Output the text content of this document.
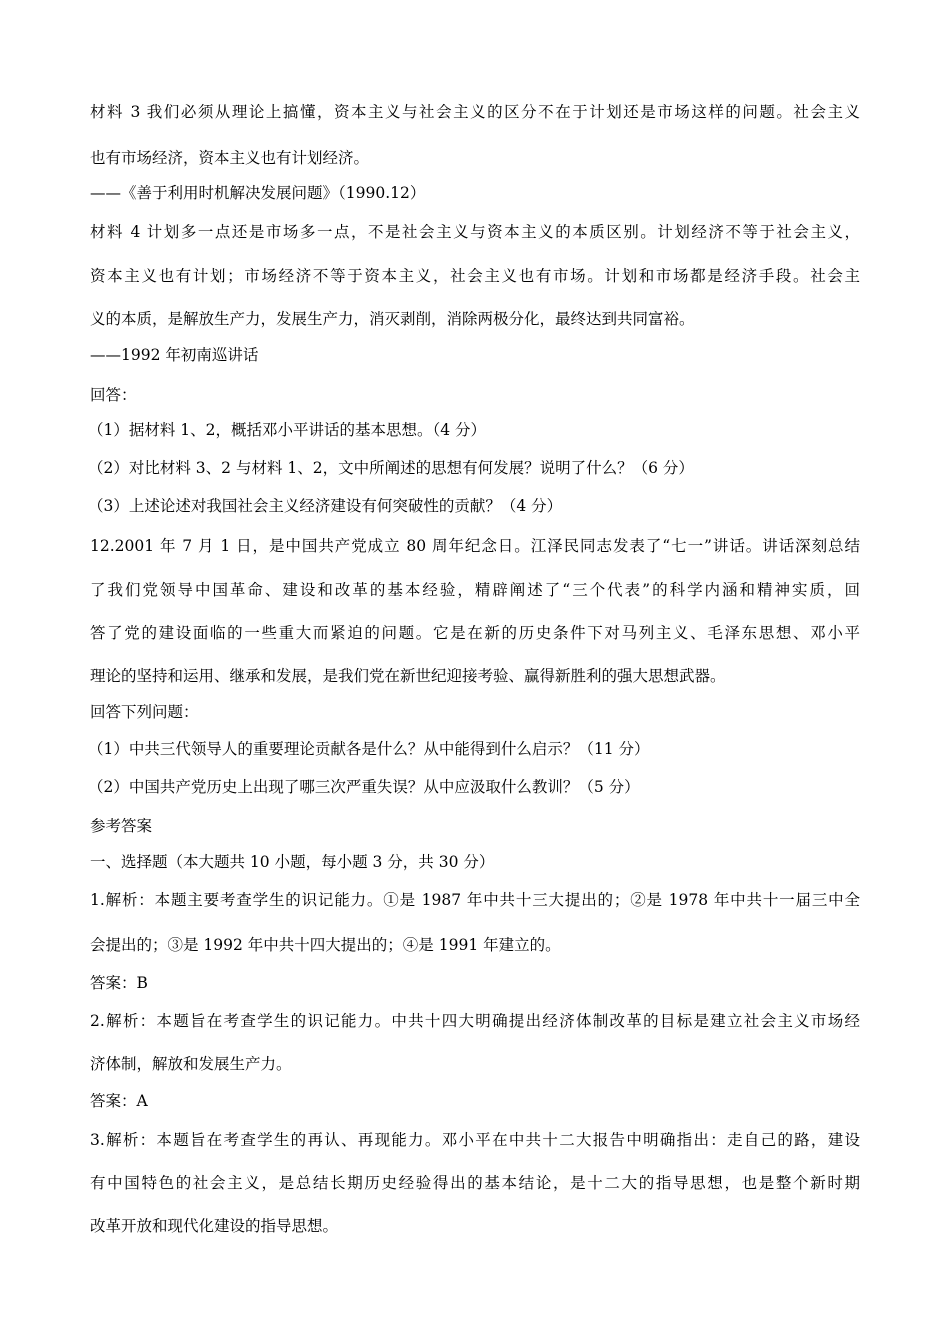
材料 3 我们必须从理论上搞懂，资本主义与社会主义的区分不在于计划还是市场这样的问题。社会主义
也有市场经济，资本主义也有计划经济。
——《善于利用时机解决发展问题》（1990.12）
材料 4 计划多一点还是市场多一点，不是社会主义与资本主义的本质区别。计划经济不等于社会主义，
资本主义也有计划；市场经济不等于资本主义，社会主义也有市场。计划和市场都是经济手段。社会主
义的本质，是解放生产力，发展生产力，消灭剥削，消除两极分化，最终达到共同富裕。
——1992 年初南巡讲话
回答：
（1）据材料 1、2，概括邓小平讲话的基本思想。（4 分）
（2）对比材料 3、2 与材料 1、2，文中所阐述的思想有何发展？说明了什么？（6 分）
（3）上述论述对我国社会主义经济建设有何突破性的贡献？（4 分）
12.2001 年 7 月 1 日，是中国共产党成立 80 周年纪念日。江泽民同志发表了“七一”讲话。讲话深刻总结
了我们党领导中国革命、建设和改革的基本经验，精辟阐述了“三个代表”的科学内涵和精神实质，回
答了党的建设面临的一些重大而紧迫的问题。它是在新的历史条件下对马列主义、毛泽东思想、邓小平
理论的坚持和运用、继承和发展，是我们党在新世纪迎接考验、赢得新胜利的强大思想武器。
回答下列问题：
（1）中共三代领导人的重要理论贡献各是什么？从中能得到什么启示？（11 分）
（2）中国共产党历史上出现了哪三次严重失误？从中应汲取什么教训？（5 分）
参考答案
一、选择题（本大题共 10 小题，每小题 3 分，共 30 分）
1.解析：本题主要考查学生的识记能力。①是 1987 年中共十三大提出的；②是 1978 年中共十一届三中全
会提出的；③是 1992 年中共十四大提出的；④是 1991 年建立的。
答案：B
2.解析：本题旨在考查学生的识记能力。中共十四大明确提出经济体制改革的目标是建立社会主义市场经
济体制，解放和发展生产力。
答案：A
3.解析：本题旨在考查学生的再认、再现能力。邓小平在中共十二大报告中明确指出：走自己的路，建设
有中国特色的社会主义，是总结长期历史经验得出的基本结论，是十二大的指导思想，也是整个新时期
改革开放和现代化建设的指导思想。
